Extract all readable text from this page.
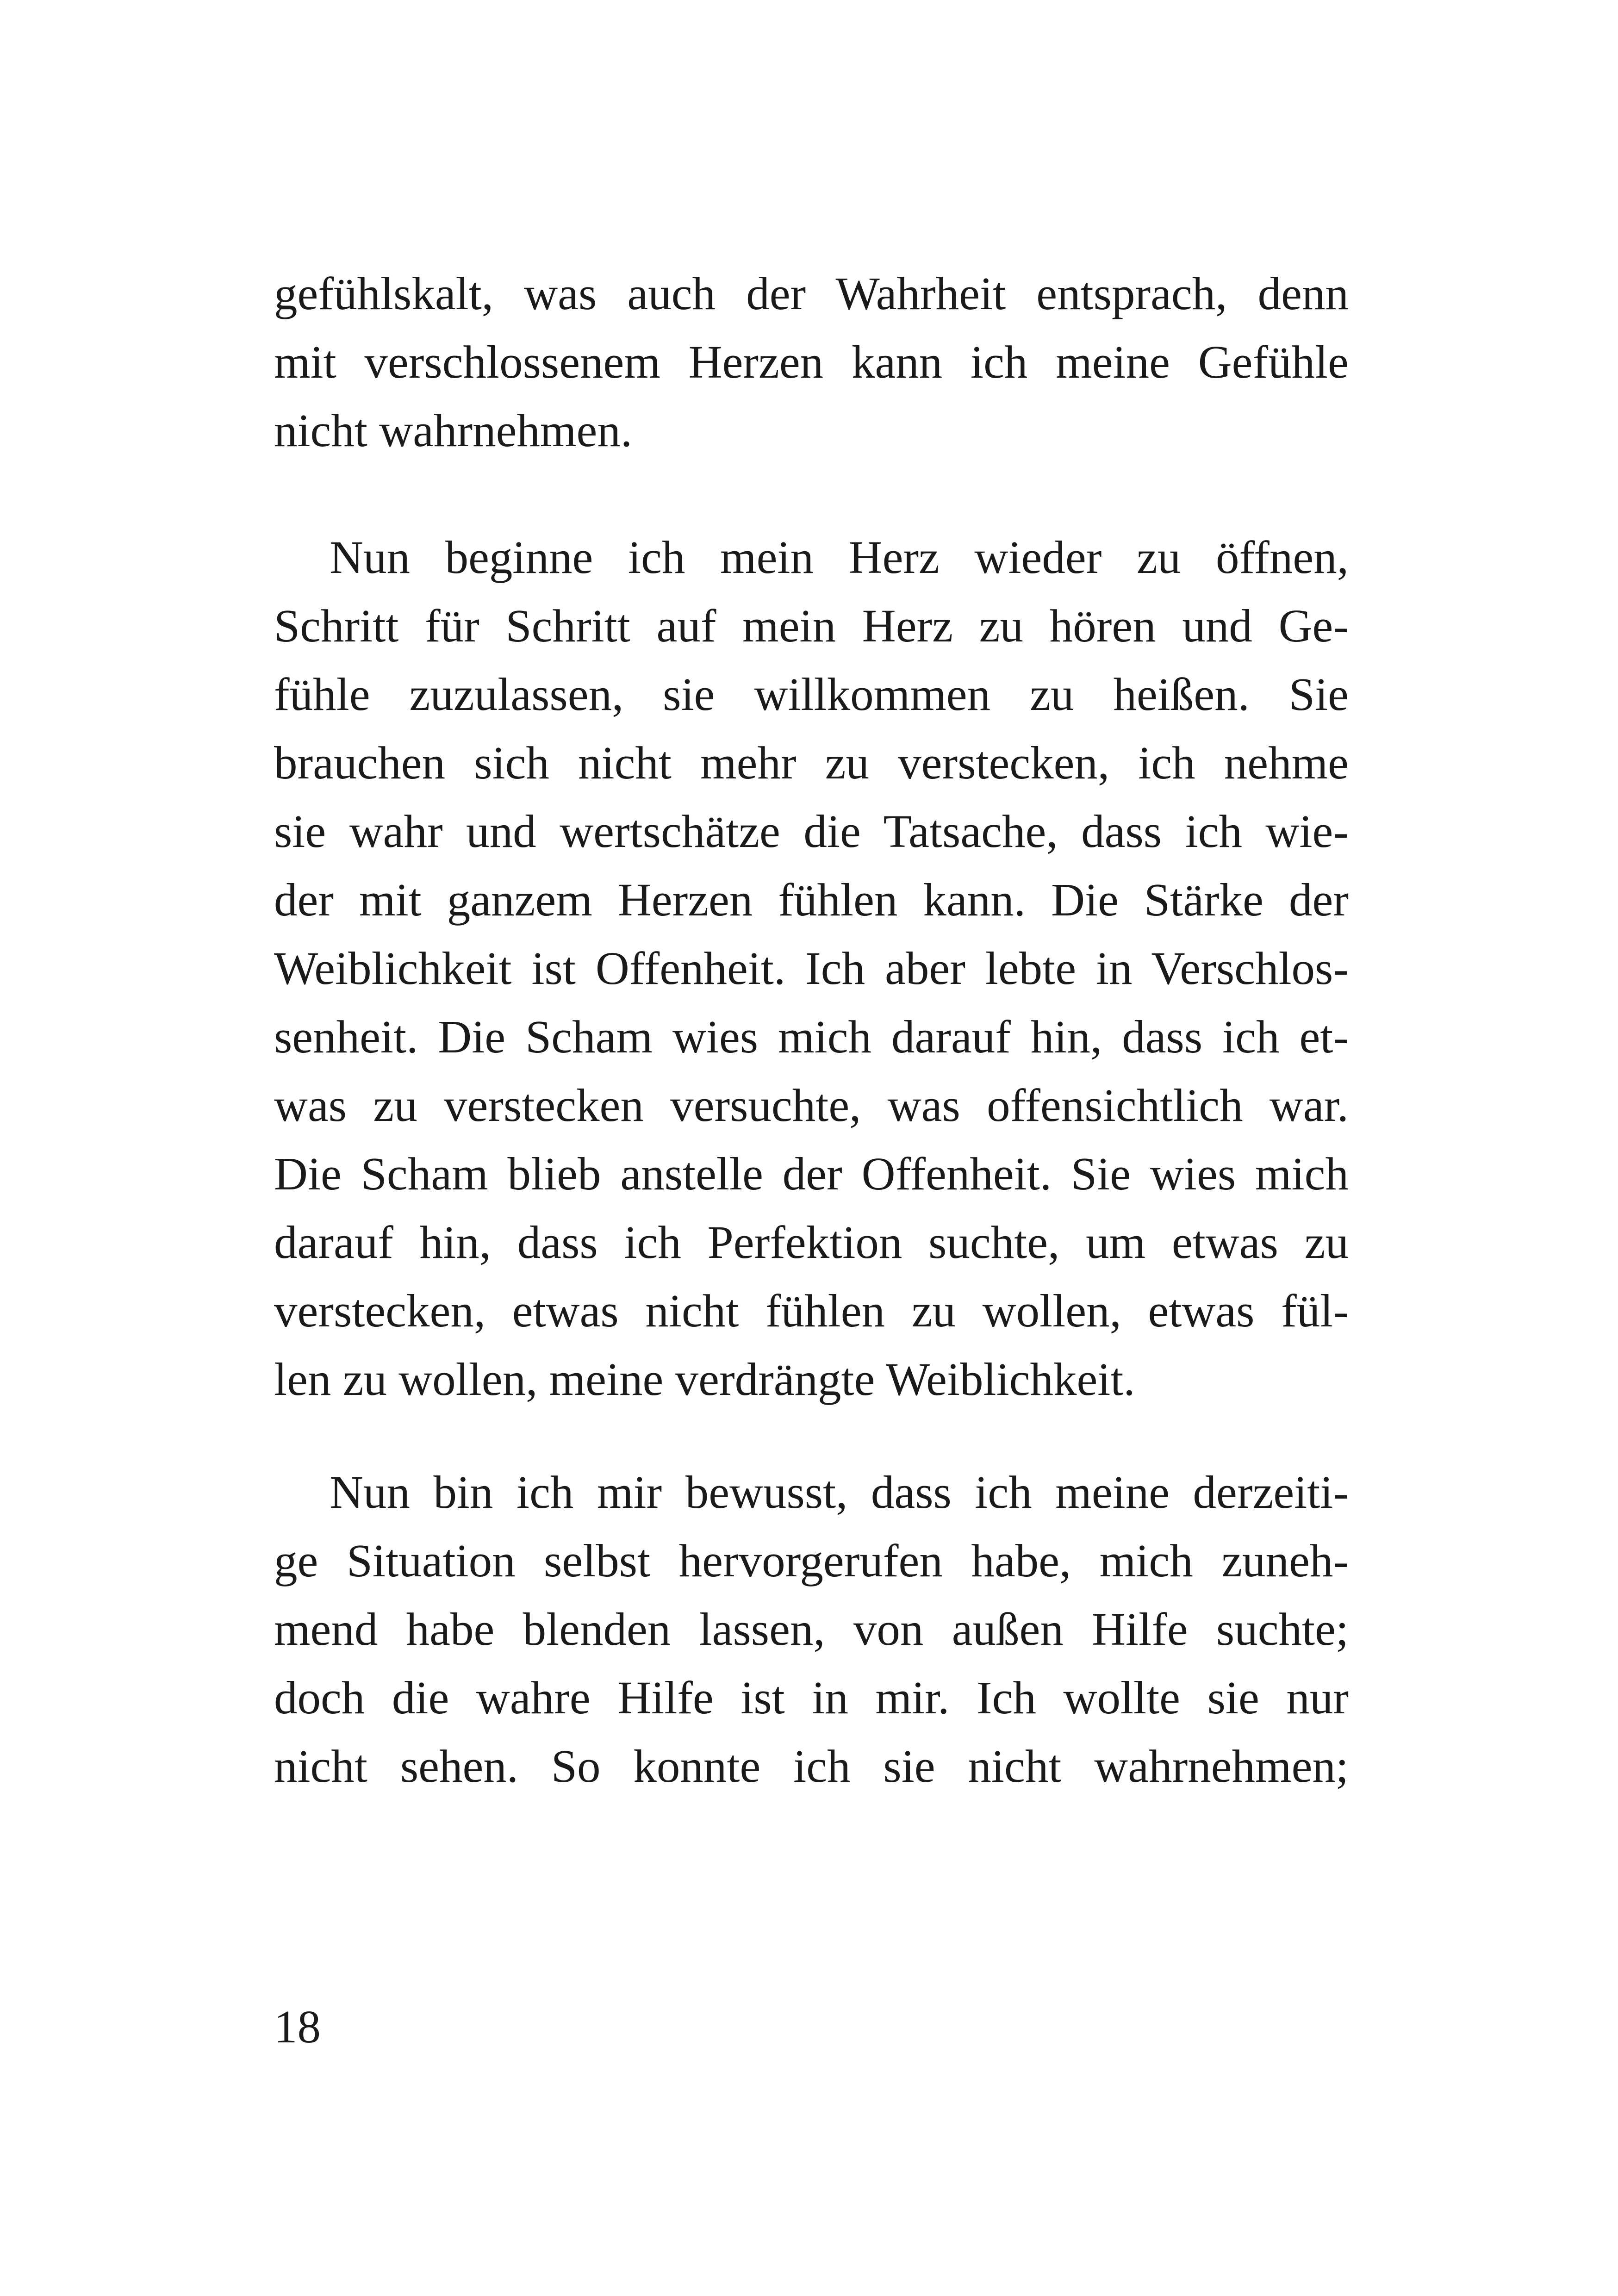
gefühlskalt, was auch der Wahrheit entsprach, denn
mit verschlossenem Herzen kann ich meine Gefühle
nicht wahrnehmen.
Nun beginne ich mein Herz wieder zu öffnen,
Schritt für Schritt auf mein Herz zu hören und Ge-
fühle zuzulassen, sie willkommen zu heißen. Sie
brauchen sich nicht mehr zu verstecken, ich nehme
sie wahr und wertschätze die Tatsache, dass ich wie-
der mit ganzem Herzen fühlen kann. Die Stärke der
Weiblichkeit ist Offenheit. Ich aber lebte in Verschlos-
senheit. Die Scham wies mich darauf hin, dass ich et-
was zu verstecken versuchte, was offensichtlich war.
Die Scham blieb anstelle der Offenheit. Sie wies mich
darauf hin, dass ich Perfektion suchte, um etwas zu
verstecken, etwas nicht fühlen zu wollen, etwas fül-
len zu wollen, meine verdrängte Weiblichkeit.
Nun bin ich mir bewusst, dass ich meine derzeiti-
ge Situation selbst hervorgerufen habe, mich zuneh-
mend habe blenden lassen, von außen Hilfe suchte;
doch die wahre Hilfe ist in mir. Ich wollte sie nur
nicht sehen. So konnte ich sie nicht wahrnehmen;
18
